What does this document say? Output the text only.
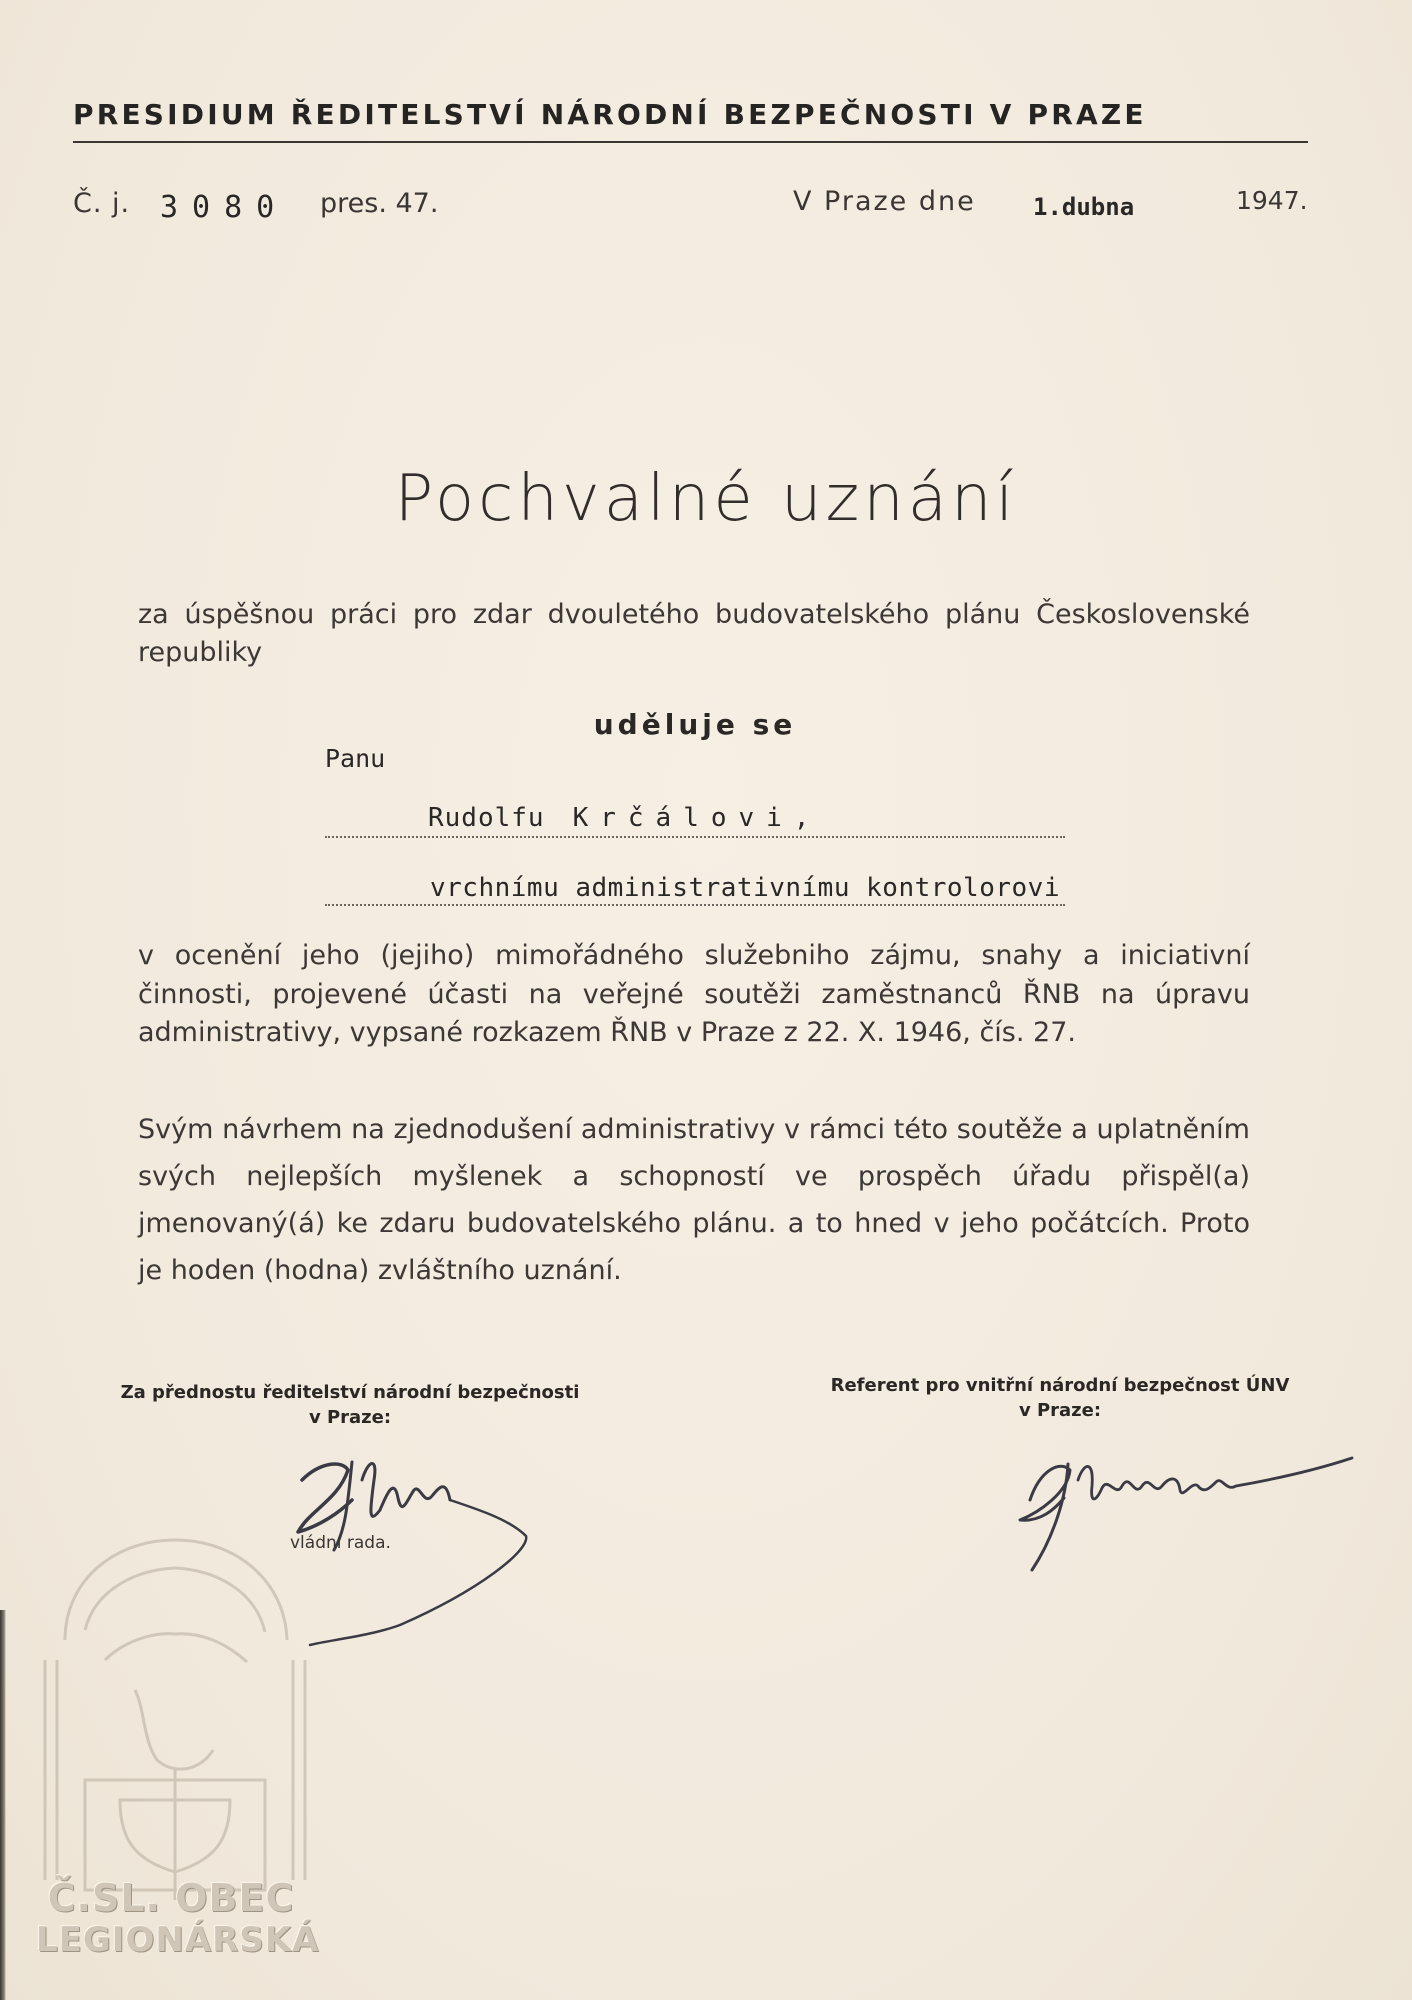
PRESIDIUM ŘEDITELSTVÍ NÁRODNÍ BEZPEČNOSTI V PRAZE
Č. j. 3080 pres. 47.	V Praze dne 1.dubna	1947.
Pochvalné uznání
za úspěšnou práci pro zdar dvouletého budovatelského plánu Československé republiky
uděluje se
Panu
Rudolfu Krčálovi,
vrchnímu administrativnímu kontrolorovi
v ocenění jeho (jejiho) mimořádného služebniho zájmu, snahy a iniciativní činnosti, projevené účasti na veřejné soutěži zaměstnanců ŘNB na úpravu administrativy, vypsané rozkazem ŘNB v Praze z 22. X. 1946, čís. 27.
Svým návrhem na zjednodušení administrativy v rámci této soutěže a uplatněním svých nejlepších myšlenek a schopností ve prospěch úřadu přispěl(a) jmenovaný(á) ke zdaru budovatelského plánu. a to hned v jeho počátcích. Proto je hoden (hodna) zvláštního uznání.
Za přednostu ředitelství národní bezpečnosti
v Praze:
Referent pro vnitřní národní bezpečnost ÚNV
v Praze:
vládní rada.
Č.SL. OBEC
LEGIONÁRSKÁ
